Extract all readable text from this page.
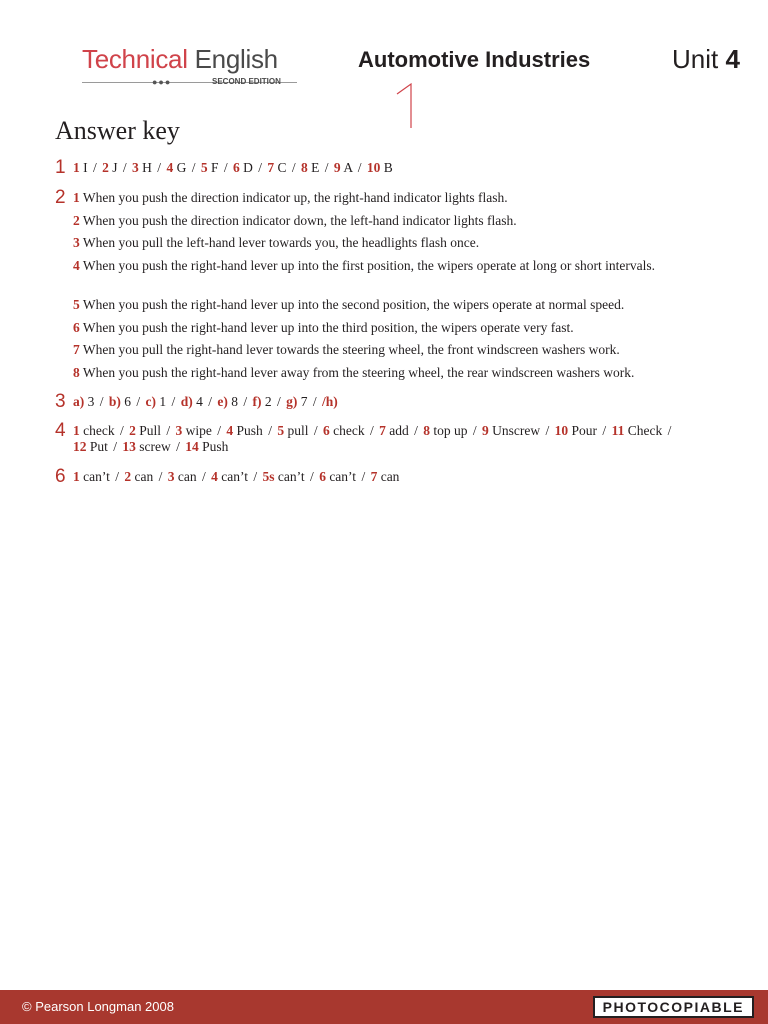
Technical English
●●●	SECOND EDITION
Automotive Industries	Unit 4
Answer key
1 1 I / 2 J / 3 H / 4 G / 5 F / 6 D / 7 C / 8 E / 9 A / 10 B
2 1 When you push the direction indicator up, the right-hand indicator lights flash.
2 When you push the direction indicator down, the left-hand indicator lights flash.
3 When you pull the left-hand lever towards you, the headlights flash once.
4 When you push the right-hand lever up into the first position, the wipers operate at long or short intervals.
5 When you push the right-hand lever up into the second position, the wipers operate at normal speed.
6 When you push the right-hand lever up into the third position, the wipers operate very fast.
7 When you pull the right-hand lever towards the steering wheel, the front windscreen washers work.
8 When you push the right-hand lever away from the steering wheel, the rear windscreen washers work.
3 a) 3 / b) 6 / c) 1 / d) 4 / e) 8 / f) 2 / g) 7 / /h)
4 1 check / 2 Pull / 3 wipe / 4 Push / 5 pull / 6 check / 7 add / 8 top up / 9 Unscrew / 10 Pour / 11 Check /
12 Put / 13 screw / 14 Push
6 1 can’t / 2 can / 3 can / 4 can’t / 5s can’t / 6 can’t / 7 can
© Pearson Longman 2008	PHOTOCOPIABLE
